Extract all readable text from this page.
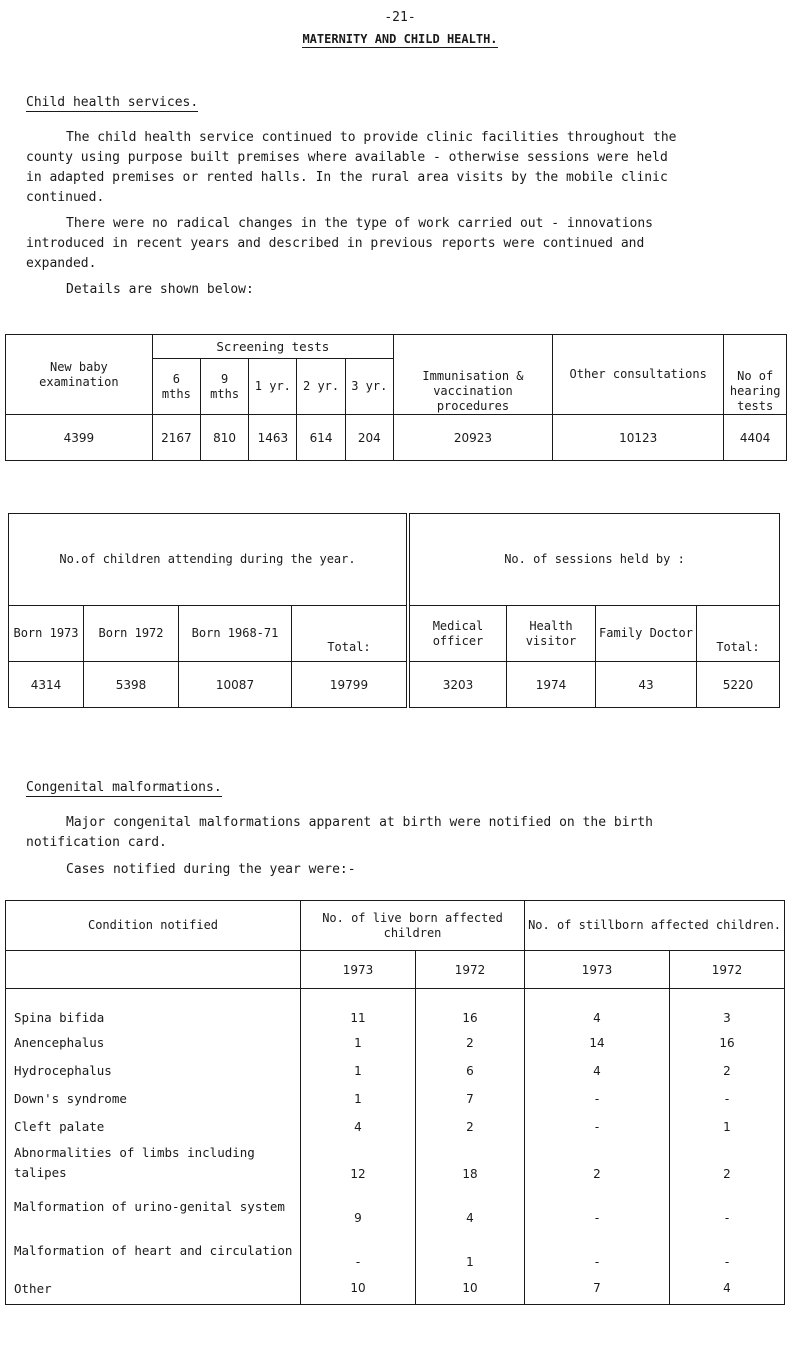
-21-
MATERNITY AND CHILD HEALTH.
Child health services.
The child health service continued to provide clinic facilities throughout the
county using purpose built premises where available - otherwise sessions were held
in adapted premises or rented halls. In the rural area visits by the mobile clinic
continued.
There were no radical changes in the type of work carried out - innovations
introduced in recent years and described in previous reports were continued and
expanded.
Details are shown below:
New baby examination	Screening tests					Immunisation & vaccination procedures	Other consultations	No of hearing tests
	6 mths	9 mths	1 yr.	2 yr.	3 yr.			
4399	2167	810	1463	614	204	20923	10123	4404
No.of children attending during the year.				No. of sessions held by :			
Born 1973	Born 1972	Born 1968-71	Total:	Medical officer	Health visitor	Family Doctor	Total:
4314	5398	10087	19799	3203	1974	43	5220
Congenital malformations.
Major congenital malformations apparent at birth were notified on the birth
notification card.
Cases notified during the year were:-
Condition notified	No. of live born affected children		No. of stillborn affected children.	
	1973	1972	1973	1972
Spina bifida	11	16	4	3
Anencephalus	1	2	14	16
Hydrocephalus	1	6	4	2
Down's syndrome	1	7	-	-
Cleft palate	4	2	-	1
Abnormalities of limbs including talipes	12	18	2	2
Malformation of urino-genital system	9	4	-	-
Malformation of heart and circulation	-	1	-	-
Other	10	10	7	4
